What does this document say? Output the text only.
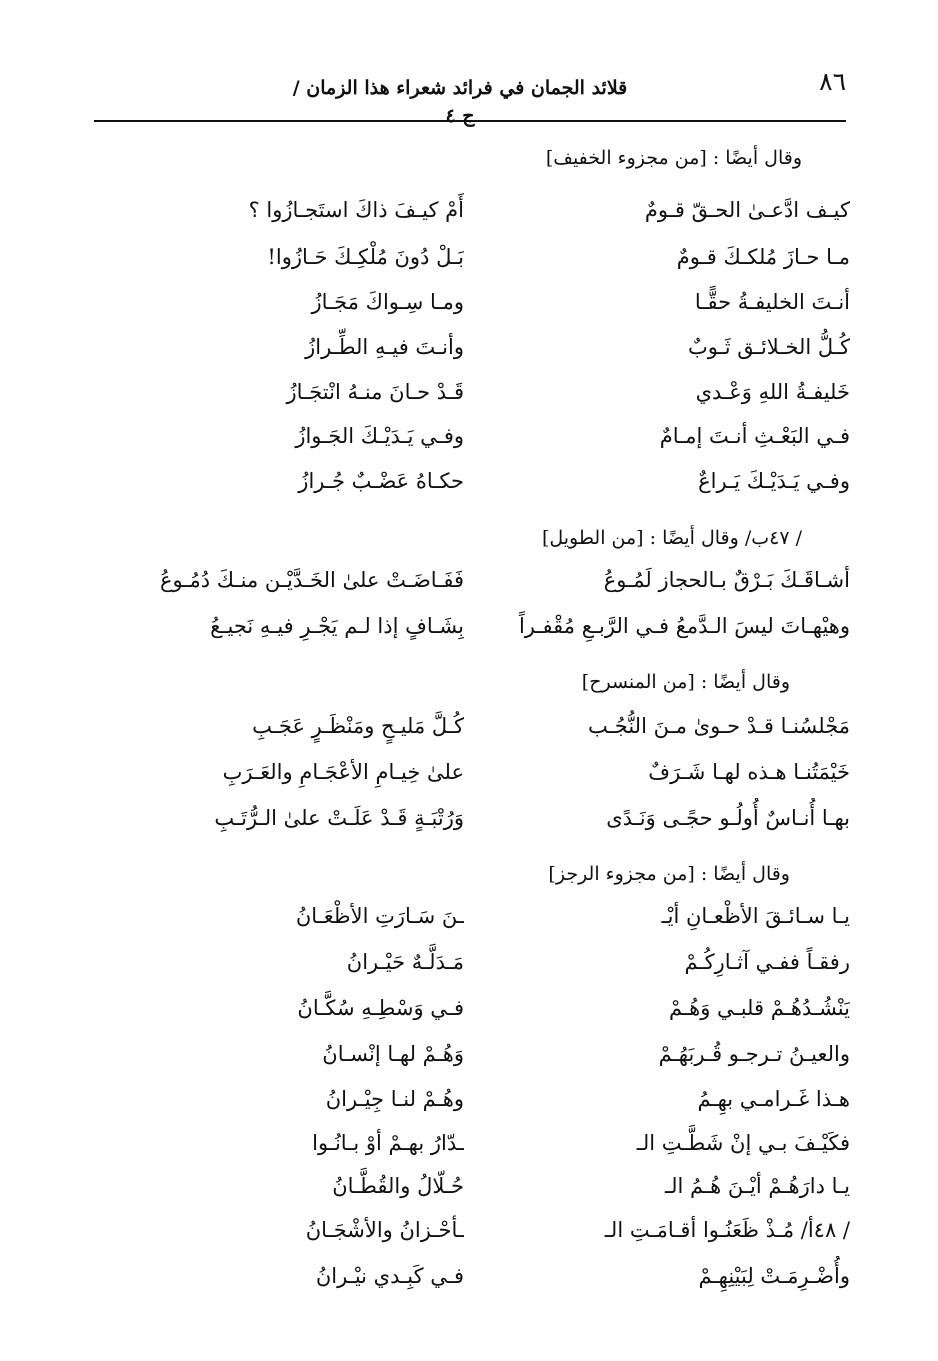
٨٦
قلائد الجمان في فرائد شعراء هذا الزمان / ج ٤
وقال أيضًا : [من مجزوء الخفيف]
كيـف ادَّعـىٰ الحـقّ قـومٌ
أَمْ كيـفَ ذاكَ استَجـازُوا ؟
مـا حـازَ مُلكـكَ قـومٌ
بَـلْ دُونَ مُلْكِـكَ حَـازُوا!
أنـتَ الخليفـةُ حقًّـا
ومـا سِـواكَ مَجَـازُ
كُـلُّ الخـلائـق ثَـوبٌ
وأنـتَ فيـهِ الطِّـرازُ
خَليفـةُ اللهِ وَعْـدي
قَـدْ حـانَ منـهُ انْتجَـازُ
فـي البَعْـثِ أنـتَ إمـامٌ
وفـي يَـدَيْـكَ الجَـوازُ
وفـي يَـدَيْـكَ يَـراعٌ
حكـاهُ عَضْـبٌ جُـرازُ
/ ٤٧ب/ وقال أيضًا : [من الطويل]
أشـاقَـكَ بَـرْقٌ بـالحجاز لَمُـوعُ
فَفَـاضَـتْ علىٰ الخَـدَّيْـن منـكَ دُمُـوعُ
وهيْهـاتَ ليسَ الـدَّمعُ فـي الرَّبـعِ مُقْفـراً
بِشَـافٍ إذا لـم يَجْـرِ فيـهِ نَجيـعُ
وقال أيضًا : [من المنسرح]
مَجْلسُنـا قـدْ حـوىٰ مـنَ النُّجُـب
كُـلَّ مَليـحٍ ومَنْظَـرٍ عَجَـبِ
خَيْمَتُنـا هـذه لهـا شَـرَفٌ
علىٰ خِيـامِ الأعْجَـامِ والعَـرَبِ
بهـا أُنـاسٌ أُولُـو حجًـى وَنَـدًى
وَرُتْبَـةٍ قَـدْ عَلَـتْ علىٰ الـرُّتَـبِ
وقال أيضًا : [من مجزوء الرجز]
يـا سـائـقَ الأظْعـانِ أيْـ
ـنَ سَـارَتِ الأظْعَـانُ
رفقـاً ففـي آثـارِكُـمْ
مَـدَلَّـهٌ حَيْـرانُ
يَنْشُـدُهُـمْ قلبـي وَهُـمْ
فـي وَسْطِـهِ سُكَّـانُ
والعيـنُ تـرجـو قُـربَهُـمْ
وَهُـمْ لهـا إنْسـانُ
هـذا غَـرامـي بهِـمُ
وهُـمْ لنـا جِيْـرانُ
فكَيْـفَ بـي إنْ شَطَّـتِ الـ
ـدّارُ بهـمْ أوْ بـانُـوا
يـا دارَهُـمْ أيْـنَ هُـمُ الـ
حُـلّالُ والقُطَّـانُ
/ ٤٨أ/ مُـذْ ظَعَنُـوا أقـامَـتِ الـ
ـأحْـزانُ والأشْجَـانُ
وأُضْـرِمَـتْ لِبَيْنِهِـمْ
فـي كَبِـدي نيْـرانُ
